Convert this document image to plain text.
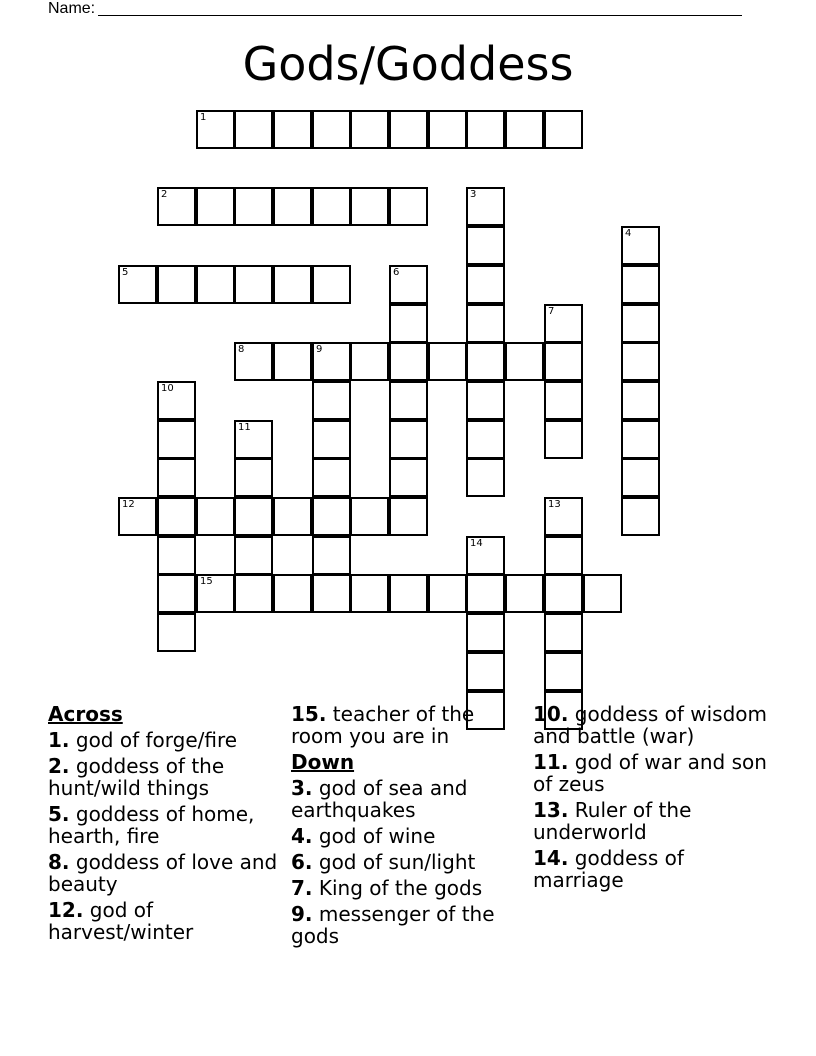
Name:
Gods/Goddess
1
2	3
4
5	6
7
8	9
10
11
12	13
14
15
Across
1. god of forge/fire
2. goddess of the hunt/wild things
5. goddess of home, hearth, fire
8. goddess of love and beauty
12. god of harvest/winter
15. teacher of the room you are in
Down
3. god of sea and earthquakes
4. god of wine
6. god of sun/light
7. King of the gods
9. messenger of the gods
10. goddess of wisdom and battle (war)
11. god of war and son of zeus
13. Ruler of the underworld
14. goddess of marriage
